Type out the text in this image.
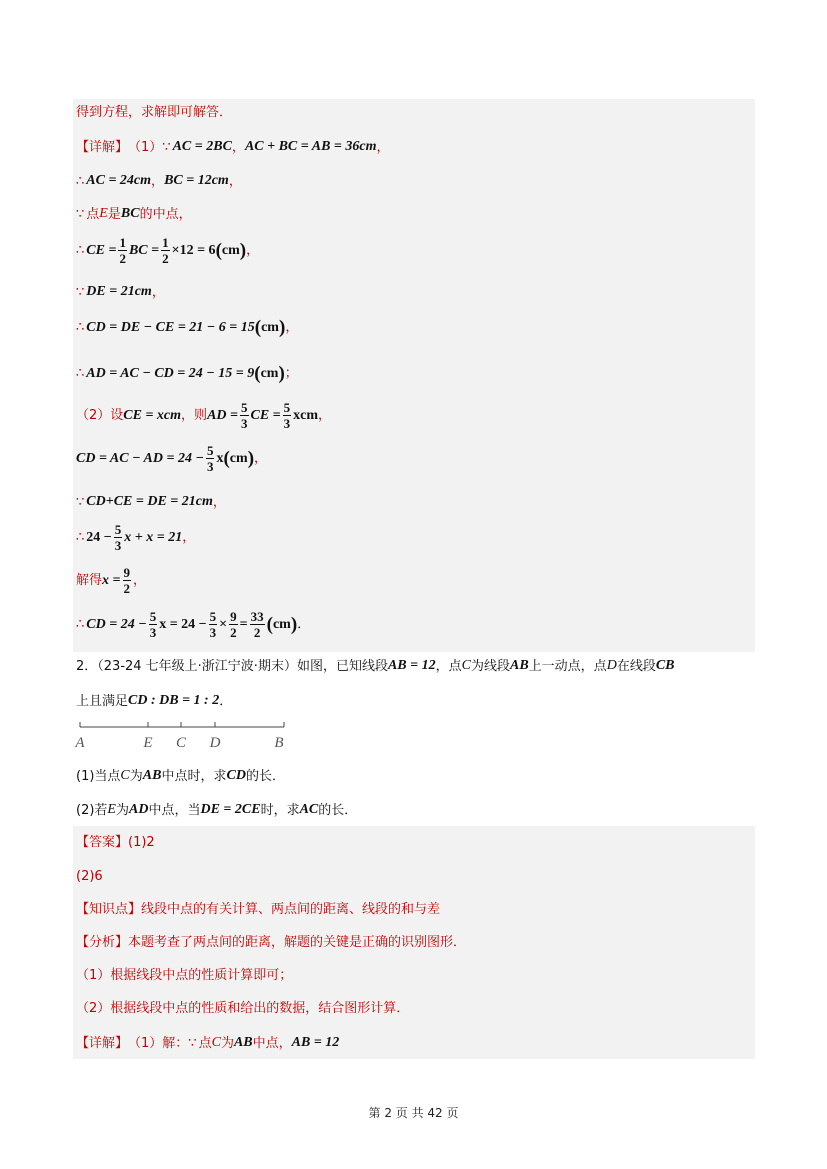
得到方程，求解即可解答．
【详解】 （1） ∵ AC = 2BC ， AC + BC = AB = 36cm ，
∴ AC = 24cm ， BC = 12cm ，
∵ 点 E 是 BC 的中点，
∴ CE = $\frac{1}{2}$ BC = $\frac{1}{2} \times 12 = 6$ ( cm ) ，
∵ DE = 21cm ，
∴ CD = DE − CE = 21 − 6 = 15 ( cm ) ，
∴ AD = AC − CD = 24 − 15 = 9 ( cm ) ；
（2）设 CE = xcm ，则 AD = $\frac{5}{3}$ CE = $\frac{5}{3}$ xcm ，
CD = AC − AD = $24 - \frac{5}{3}$ x ( cm ) ，
∵ CD+CE = DE = 21cm ，
∴ $24 - \frac{5}{3}$ x + x = 21 ，
解得 $x = \frac{9}{2}$ ，
∴ CD = $24 - \frac{5}{3}$ $x = 24 - \frac{5}{3} \times \frac{9}{2} = \frac{33}{2}$ ( cm ) ．
2．（23-24 七年级上·浙江宁波·期末）如图，已知线段 AB = 12 ，点 C 为线段 AB 上一动点，点 D 在线段 CB
上且满足 CD : DB = 1 : 2 ．
A	E C D	B
(1)当点 C 为 AB 中点时，求 CD 的长．
(2)若 E 为 AD 中点，当 DE = 2CE 时，求 AC 的长．
【答案】 (1)2
(2)6
【知识点】 线段中点的有关计算、两点间的距离、线段的和与差
【分析】 本题考查了两点间的距离，解题的关键是正确的识别图形．
（1）根据线段中点的性质计算即可；
（2）根据线段中点的性质和给出的数据，结合图形计算．
【详解】 （1）解： ∵ 点 C 为 AB 中点， AB = 12
第 2 页 共 42 页
